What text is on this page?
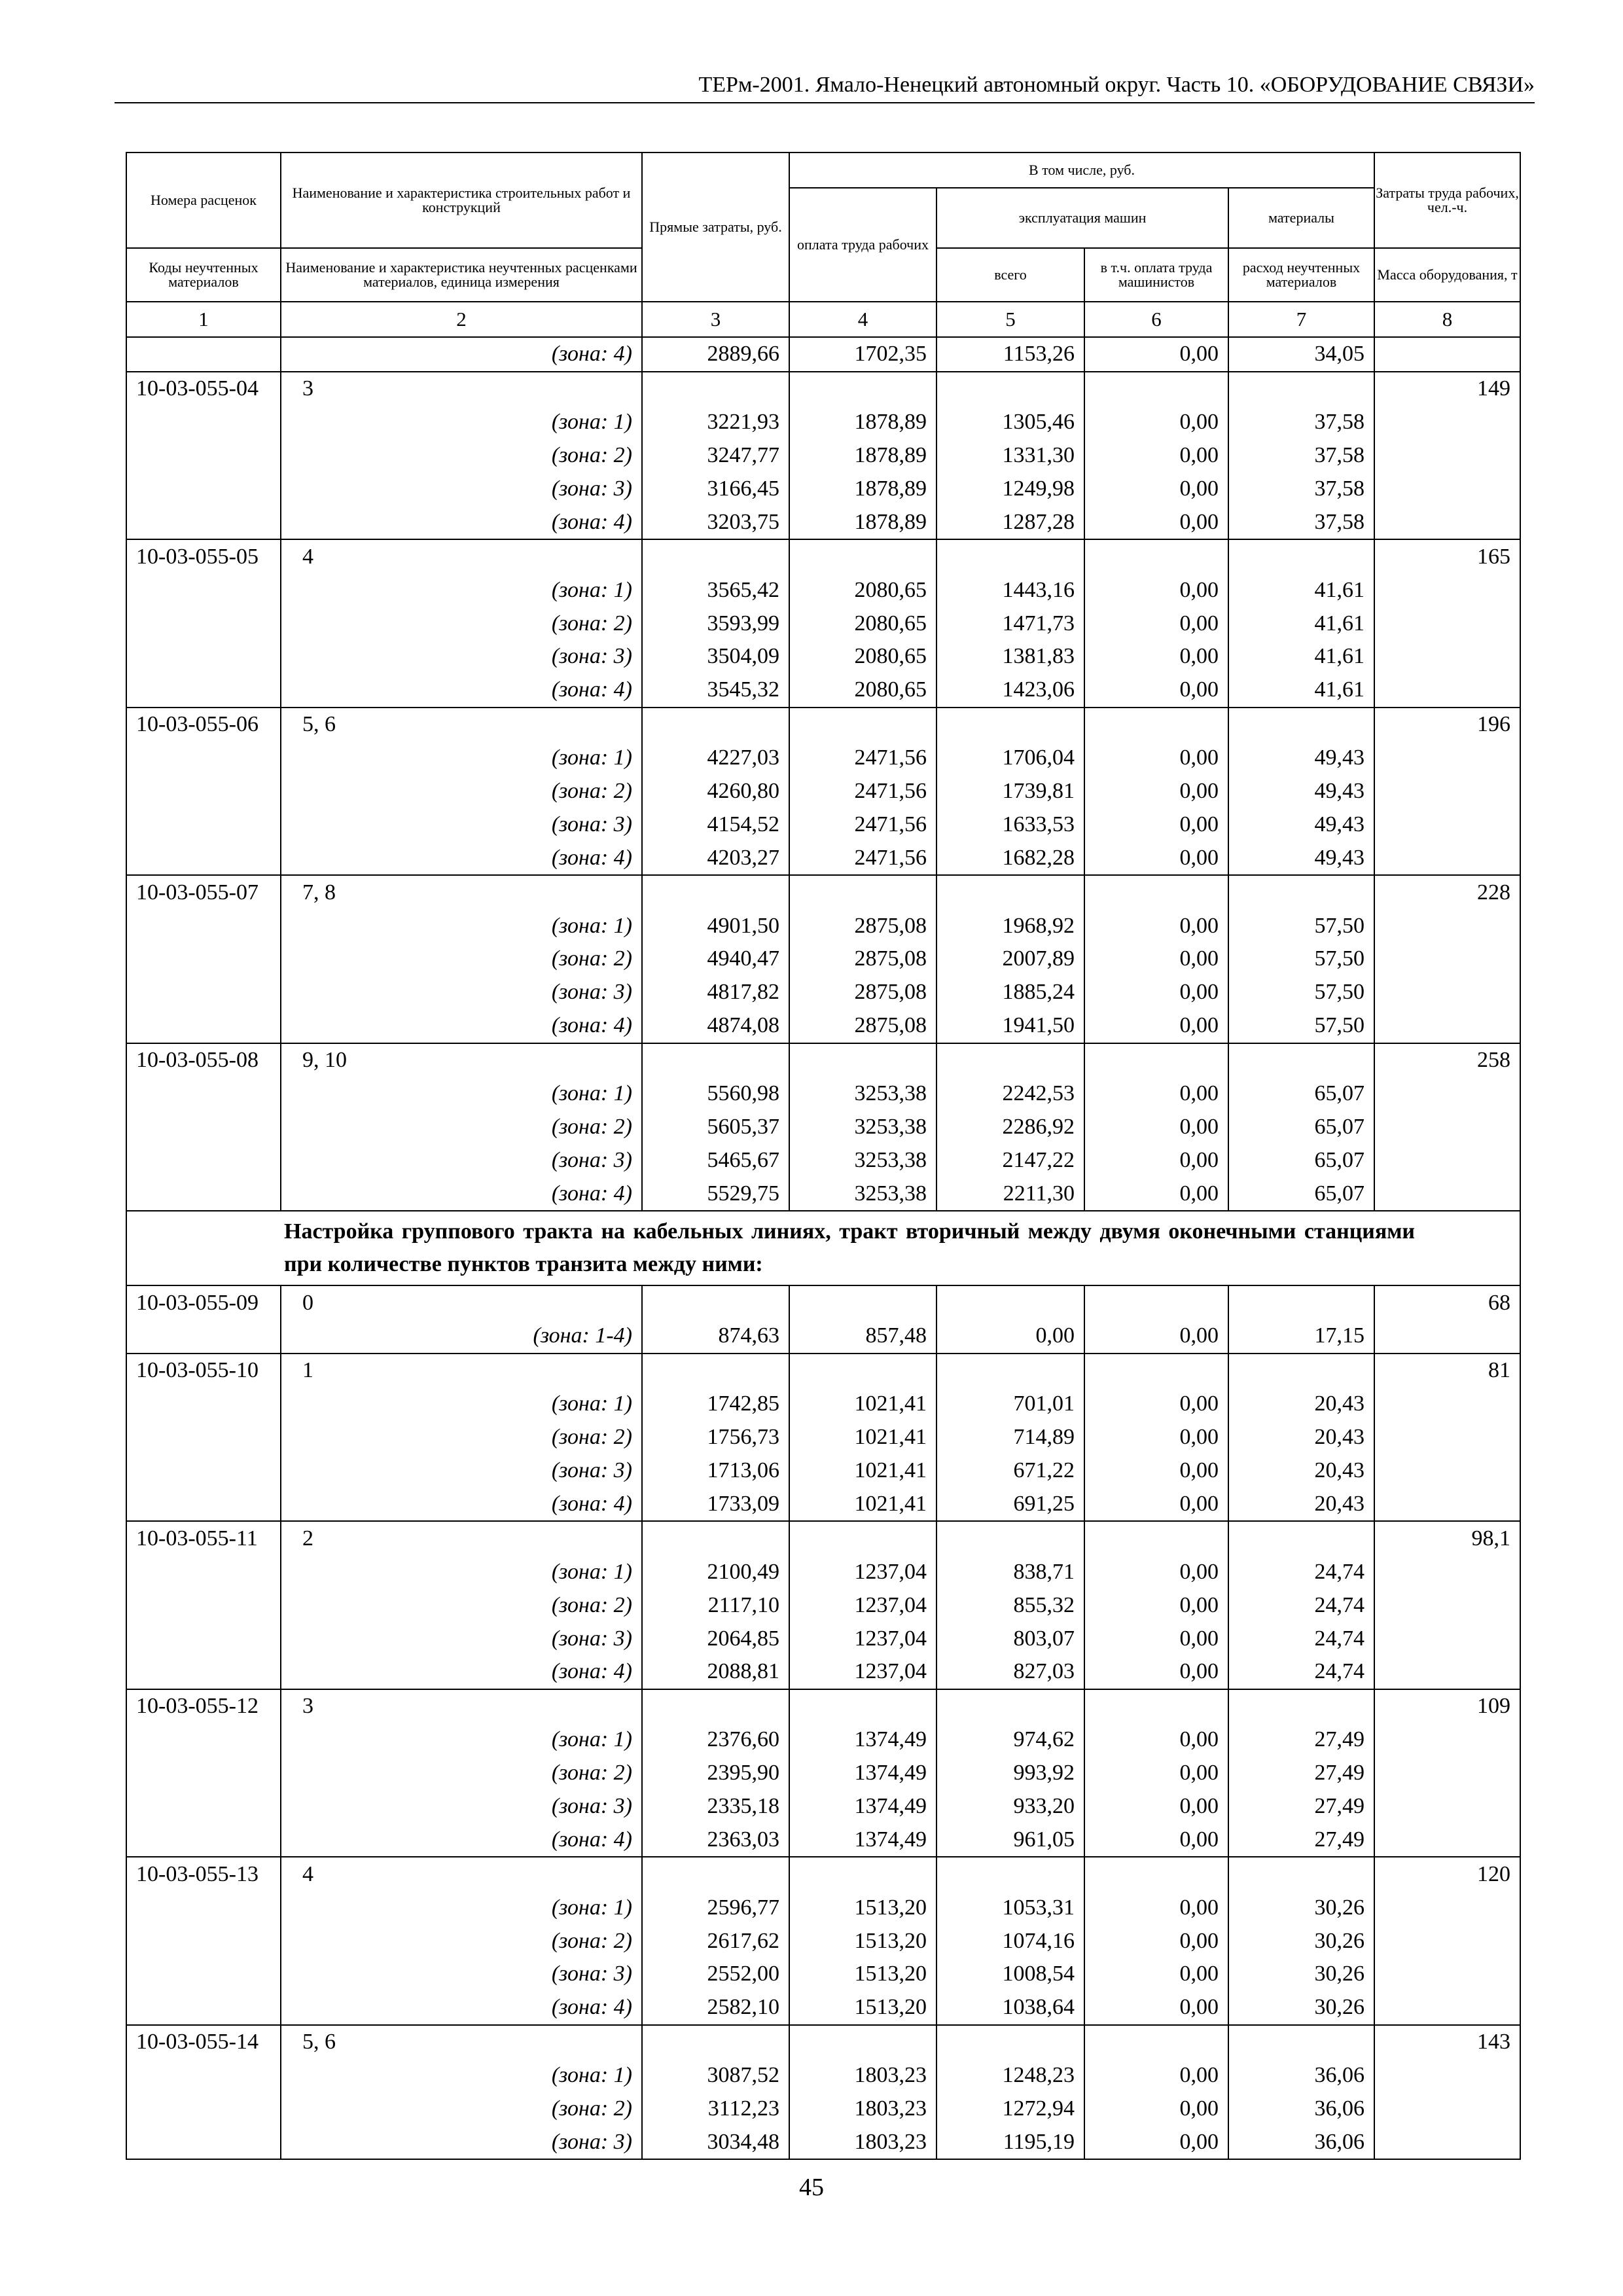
ТЕРм-2001. Ямало-Ненецкий автономный округ. Часть 10. «ОБОРУДОВАНИЕ СВЯЗИ»
Номера расценок	Наименование и характеристика строительных работ и конструкций	Прямые затраты, руб.	В том числе, руб.				Затраты труда рабочих, чел.-ч.
			оплата труда рабочих	эксплуатация машин		материалы	
Коды неучтенных материалов	Наименование и характеристика неучтенных расценками материалов, единица измерения			всего	в т.ч. оплата труда машинистов	расход неучтенных материалов	Масса оборудования, т
1	2	3	4	5	6	7	8
	(зона: 4)	2889,66	1702,35	1153,26	0,00	34,05	
10-03-055-04	3						149
	(зона: 1)	3221,93	1878,89	1305,46	0,00	37,58	
	(зона: 2)	3247,77	1878,89	1331,30	0,00	37,58	
	(зона: 3)	3166,45	1878,89	1249,98	0,00	37,58	
	(зона: 4)	3203,75	1878,89	1287,28	0,00	37,58	
10-03-055-05	4						165
	(зона: 1)	3565,42	2080,65	1443,16	0,00	41,61	
	(зона: 2)	3593,99	2080,65	1471,73	0,00	41,61	
	(зона: 3)	3504,09	2080,65	1381,83	0,00	41,61	
	(зона: 4)	3545,32	2080,65	1423,06	0,00	41,61	
10-03-055-06	5, 6						196
	(зона: 1)	4227,03	2471,56	1706,04	0,00	49,43	
	(зона: 2)	4260,80	2471,56	1739,81	0,00	49,43	
	(зона: 3)	4154,52	2471,56	1633,53	0,00	49,43	
	(зона: 4)	4203,27	2471,56	1682,28	0,00	49,43	
10-03-055-07	7, 8						228
	(зона: 1)	4901,50	2875,08	1968,92	0,00	57,50	
	(зона: 2)	4940,47	2875,08	2007,89	0,00	57,50	
	(зона: 3)	4817,82	2875,08	1885,24	0,00	57,50	
	(зона: 4)	4874,08	2875,08	1941,50	0,00	57,50	
10-03-055-08	9, 10						258
	(зона: 1)	5560,98	3253,38	2242,53	0,00	65,07	
	(зона: 2)	5605,37	3253,38	2286,92	0,00	65,07	
	(зона: 3)	5465,67	3253,38	2147,22	0,00	65,07	
	(зона: 4)	5529,75	3253,38	2211,30	0,00	65,07	
Настройка группового тракта на кабельных линиях, тракт вторичный между двумя оконечными станциями при количестве пунктов транзита между ними:							
10-03-055-09	0						68
	(зона: 1-4)	874,63	857,48	0,00	0,00	17,15	
10-03-055-10	1						81
	(зона: 1)	1742,85	1021,41	701,01	0,00	20,43	
	(зона: 2)	1756,73	1021,41	714,89	0,00	20,43	
	(зона: 3)	1713,06	1021,41	671,22	0,00	20,43	
	(зона: 4)	1733,09	1021,41	691,25	0,00	20,43	
10-03-055-11	2						98,1
	(зона: 1)	2100,49	1237,04	838,71	0,00	24,74	
	(зона: 2)	2117,10	1237,04	855,32	0,00	24,74	
	(зона: 3)	2064,85	1237,04	803,07	0,00	24,74	
	(зона: 4)	2088,81	1237,04	827,03	0,00	24,74	
10-03-055-12	3						109
	(зона: 1)	2376,60	1374,49	974,62	0,00	27,49	
	(зона: 2)	2395,90	1374,49	993,92	0,00	27,49	
	(зона: 3)	2335,18	1374,49	933,20	0,00	27,49	
	(зона: 4)	2363,03	1374,49	961,05	0,00	27,49	
10-03-055-13	4						120
	(зона: 1)	2596,77	1513,20	1053,31	0,00	30,26	
	(зона: 2)	2617,62	1513,20	1074,16	0,00	30,26	
	(зона: 3)	2552,00	1513,20	1008,54	0,00	30,26	
	(зона: 4)	2582,10	1513,20	1038,64	0,00	30,26	
10-03-055-14	5, 6						143
	(зона: 1)	3087,52	1803,23	1248,23	0,00	36,06	
	(зона: 2)	3112,23	1803,23	1272,94	0,00	36,06	
	(зона: 3)	3034,48	1803,23	1195,19	0,00	36,06	
45
